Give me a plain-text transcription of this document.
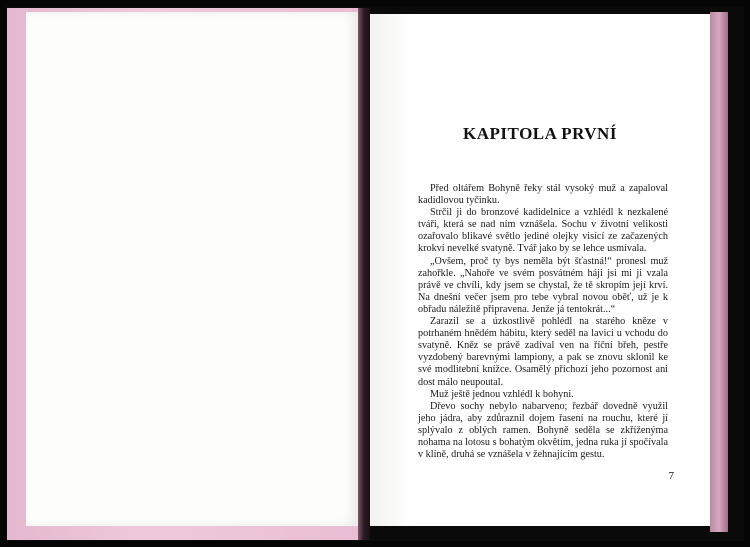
KAPITOLA PRVNÍ

Před oltářem Bohyně řeky stál vysoký muž a zapaloval kadidlovou tyčinku.

Strčil ji do bronzové kadidelnice a vzhlédl k nezkalené tváři, která se nad ním vznášela. Sochu v životní velikosti ozařovalo blikavé světlo jediné olejky visící ze začazených krokví nevelké svatyně. Tvář jako by se lehce usmívala.

„Ovšem, proč ty bys neměla být šťastná!“ pronesl muž zahořkle. „Nahoře ve svém posvátném háji jsi mi ji vzala právě ve chvíli, kdy jsem se chystal, že tě skropím její krví. Na dnešní večer jsem pro tebe vybral novou oběť, už je k obřadu náležitě připravena. Jenže já tentokrát...“

Zarazil se a úzkostlivě pohlédl na starého kněze v potrhaném hnědém hábitu, který seděl na lavici u vchodu do svatyně. Kněz se právě zadíval ven na říční břeh, pestře vyzdobený barevnými lampiony, a pak se znovu sklonil ke své modlitební knížce. Osamělý příchozí jeho pozornost ani dost málo neupoutal.

Muž ještě jednou vzhlédl k bohyni.

Dřevo sochy nebylo nabarveno; řezbář dovedně využil jeho jádra, aby zdůraznil dojem řasení na rouchu, které jí splývalo z oblých ramen. Bohyně seděla se zkříženýma nohama na lotosu s bohatým okvětím, jedna ruka jí spočívala v klíně, druhá se vznášela v žehnajícím gestu.

7
